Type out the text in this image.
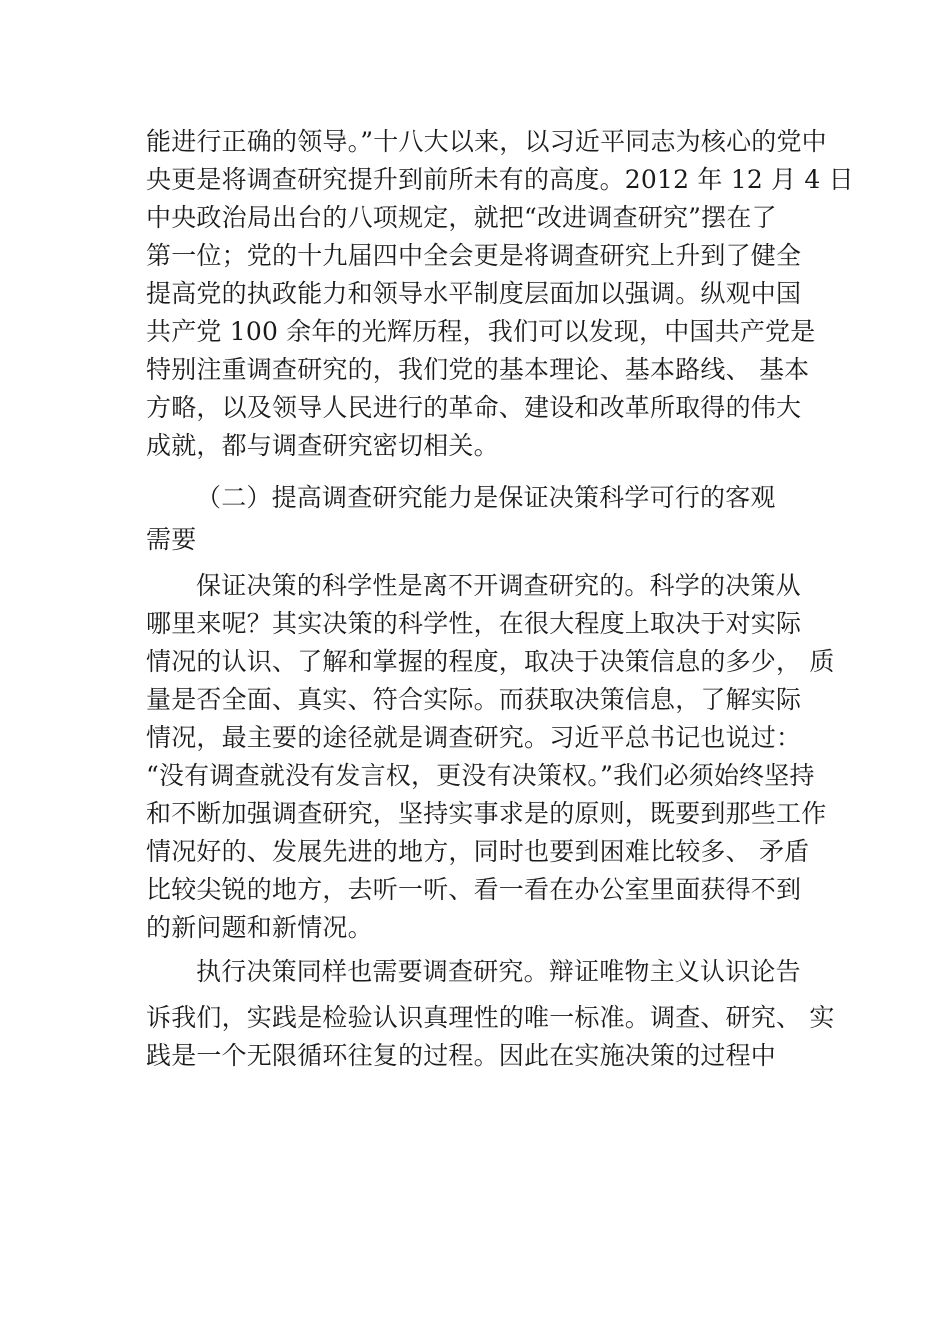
能进行正确的领导。”十八大以来，以习近平同志为核心的党中
央更是将调查研究提升到前所未有的高度。2012 年 12 月 4 日
中央政治局出台的八项规定，就把“改进调查研究”摆在了
第一位；党的十九届四中全会更是将调查研究上升到了健全
提高党的执政能力和领导水平制度层面加以强调。纵观中国
共产党 100 余年的光辉历程，我们可以发现，中国共产党是
特别注重调查研究的，我们党的基本理论、基本路线、 基本
方略，以及领导人民进行的革命、建设和改革所取得的伟大
成就，都与调查研究密切相关。
（二）提高调查研究能力是保证决策科学可行的客观
需要
保证决策的科学性是离不开调查研究的。科学的决策从
哪里来呢？其实决策的科学性，在很大程度上取决于对实际
情况的认识、了解和掌握的程度，取决于决策信息的多少， 质
量是否全面、真实、符合实际。而获取决策信息，了解实际
情况，最主要的途径就是调查研究。习近平总书记也说过：
“没有调查就没有发言权，更没有决策权。”我们必须始终坚持
和不断加强调查研究，坚持实事求是的原则，既要到那些工作
情况好的、发展先进的地方，同时也要到困难比较多、 矛盾
比较尖锐的地方，去听一听、看一看在办公室里面获得不到
的新问题和新情况。
执行决策同样也需要调查研究。辩证唯物主义认识论告
诉我们，实践是检验认识真理性的唯一标准。调查、研究、 实
践是一个无限循环往复的过程。因此在实施决策的过程中
